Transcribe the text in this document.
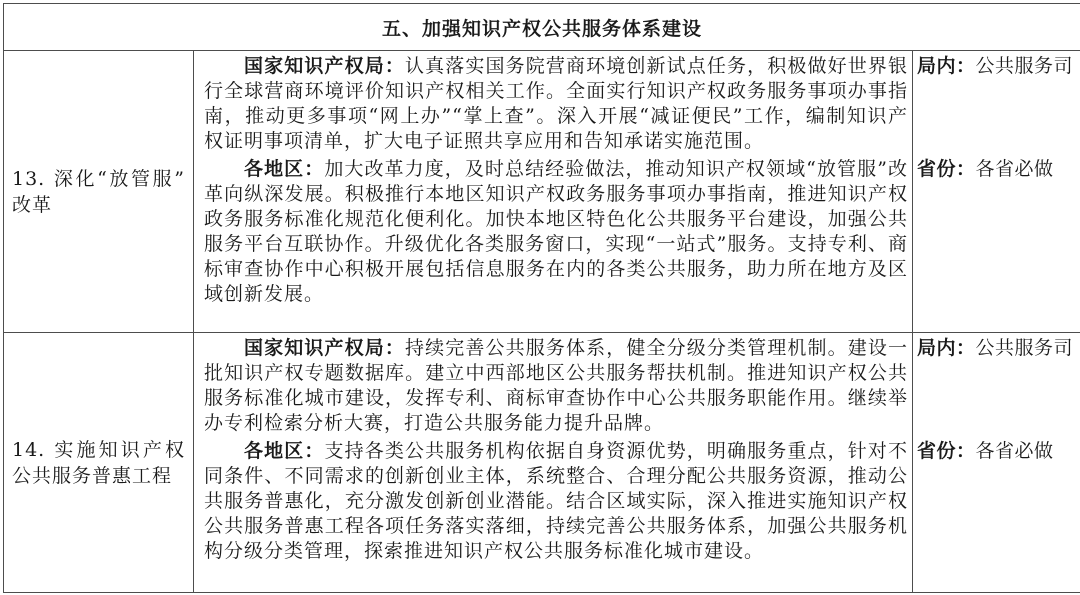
五、加强知识产权公共服务体系建设
13. 深化“放管服”改革

国家知识产权局：认真落实国务院营商环境创新试点任务，积极做好世界银行全球营商环境评价知识产权相关工作。全面实行知识产权政务服务事项办事指南，推动更多事项“网上办”“掌上查”。深入开展“减证便民”工作，编制知识产权证明事项清单，扩大电子证照共享应用和告知承诺实施范围。

各地区：加大改革力度，及时总结经验做法，推动知识产权领域“放管服”改革向纵深发展。积极推行本地区知识产权政务服务事项办事指南，推进知识产权政务服务标准化规范化便利化。加快本地区特色化公共服务平台建设，加强公共服务平台互联协作。升级优化各类服务窗口，实现“一站式”服务。支持专利、商标审查协作中心积极开展包括信息服务在内的各类公共服务，助力所在地方及区域创新发展。

局内：公共服务司
省份：各省必做
14. 实施知识产权公共服务普惠工程

国家知识产权局：持续完善公共服务体系，健全分级分类管理机制。建设一批知识产权专题数据库。建立中西部地区公共服务帮扶机制。推进知识产权公共服务标准化城市建设，发挥专利、商标审查协作中心公共服务职能作用。继续举办专利检索分析大赛，打造公共服务能力提升品牌。

各地区：支持各类公共服务机构依据自身资源优势，明确服务重点，针对不同条件、不同需求的创新创业主体，系统整合、合理分配公共服务资源，推动公共服务普惠化，充分激发创新创业潜能。结合区域实际，深入推进实施知识产权公共服务普惠工程各项任务落实落细，持续完善公共服务体系，加强公共服务机构分级分类管理，探索推进知识产权公共服务标准化城市建设。

局内：公共服务司
省份：各省必做
